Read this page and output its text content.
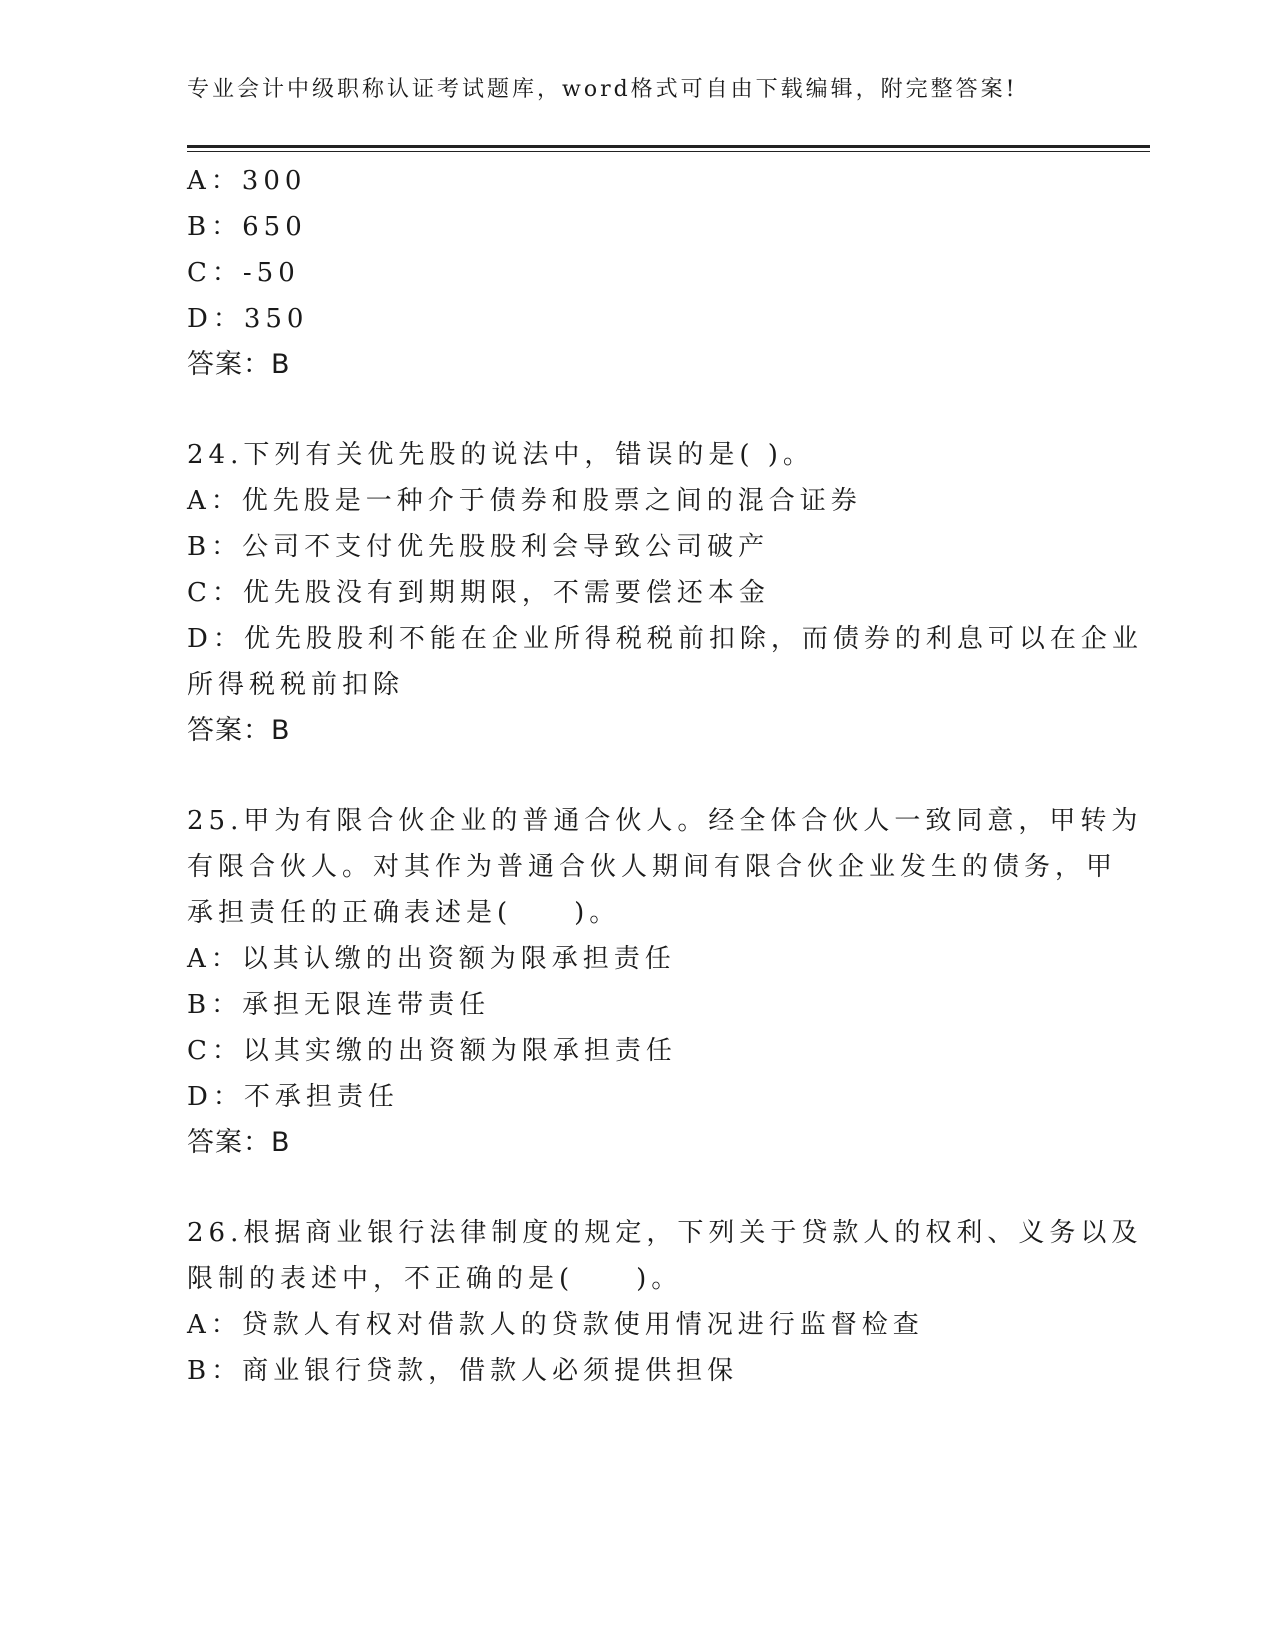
专业会计中级职称认证考试题库，word格式可自由下载编辑，附完整答案!
A：300
B：650
C：-50
D：350
答案：B
24.下列有关优先股的说法中，错误的是( )。
A：优先股是一种介于债券和股票之间的混合证券
B：公司不支付优先股股利会导致公司破产
C：优先股没有到期期限，不需要偿还本金
D：优先股股利不能在企业所得税税前扣除，而债券的利息可以在企业
所得税税前扣除
答案：B
25.甲为有限合伙企业的普通合伙人。经全体合伙人一致同意，甲转为
有限合伙人。对其作为普通合伙人期间有限合伙企业发生的债务，甲
承担责任的正确表述是(　　)。
A：以其认缴的出资额为限承担责任
B：承担无限连带责任
C：以其实缴的出资额为限承担责任
D：不承担责任
答案：B
26.根据商业银行法律制度的规定，下列关于贷款人的权利、义务以及
限制的表述中，不正确的是(　　)。
A：贷款人有权对借款人的贷款使用情况进行监督检查
B：商业银行贷款，借款人必须提供担保
